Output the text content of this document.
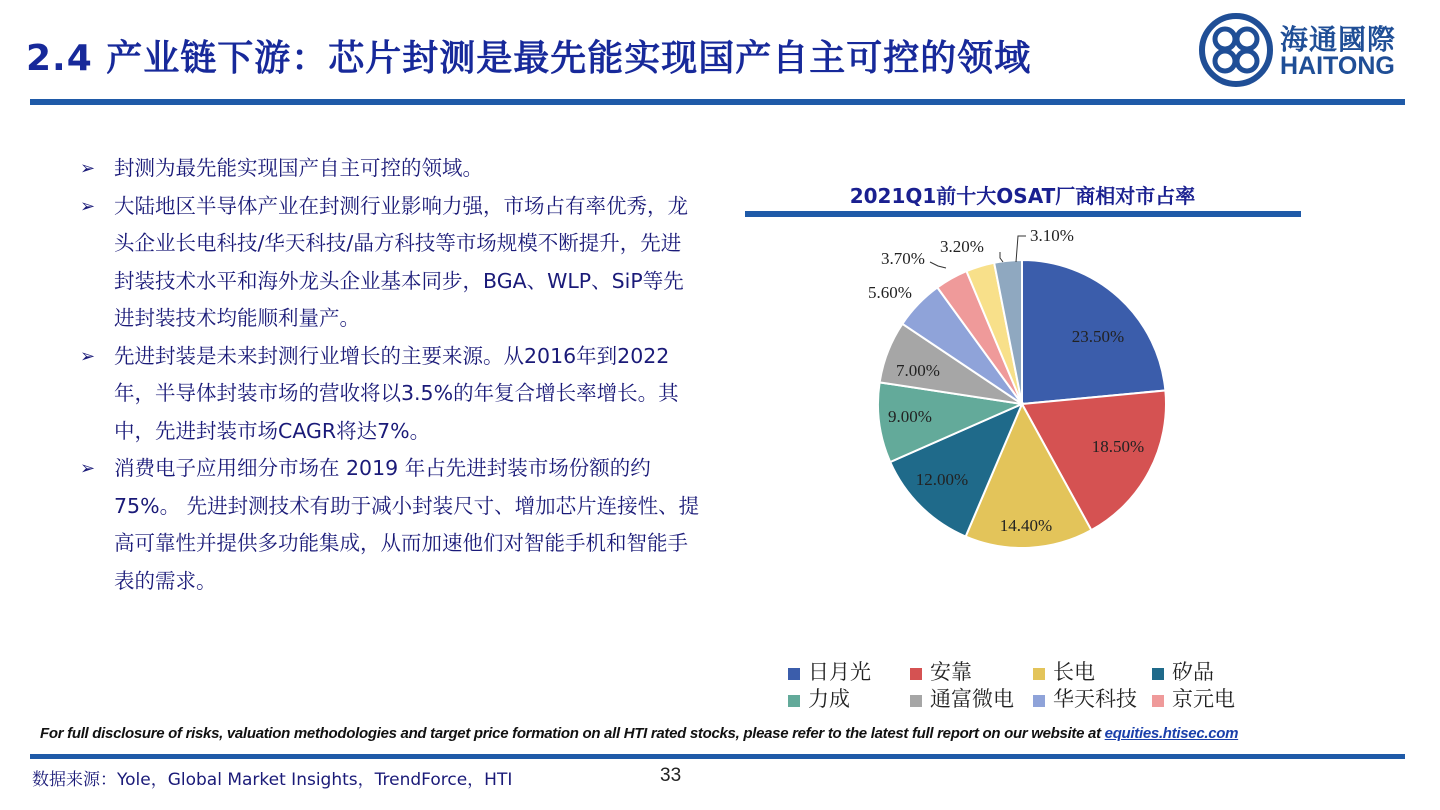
2.4 产业链下游：芯片封测是最先能实现国产自主可控的领域	海通國際
HAITONG
➢ 封测为最先能实现国产自主可控的领域。
➢ 大陆地区半导体产业在封测行业影响力强，市场占有率优秀，龙头企业长电科技/华天科技/晶方科技等市场规模不断提升，先进封装技术水平和海外龙头企业基本同步，BGA、WLP、SiP等先进封装技术均能顺利量产。
➢ 先进封装是未来封测行业增长的主要来源。从2016年到2022年，半导体封装市场的营收将以3.5%的年复合增长率增长。其中，先进封装市场CAGR将达7%。
➢ 消费电子应用细分市场在 2019 年占先进封装市场份额的约 75%。 先进封测技术有助于减小封装尺寸、增加芯片连接性、提高可靠性并提供多功能集成，从而加速他们对智能手机和智能手表的需求。
2021Q1前十大OSAT厂商相对市占率
23.50%
18.50%
14.40%
12.00%
9.00%
7.00%
5.60%
3.70%
3.20%
3.10%
日月光	安靠	长电	矽品
力成	通富微电	华天科技	京元电
For full disclosure of risks, valuation methodologies and target price formation on all HTI rated stocks, please refer to the latest full report on our website at equities.htisec.com
数据来源：Yole，Global Market Insights，TrendForce，HTI	33
